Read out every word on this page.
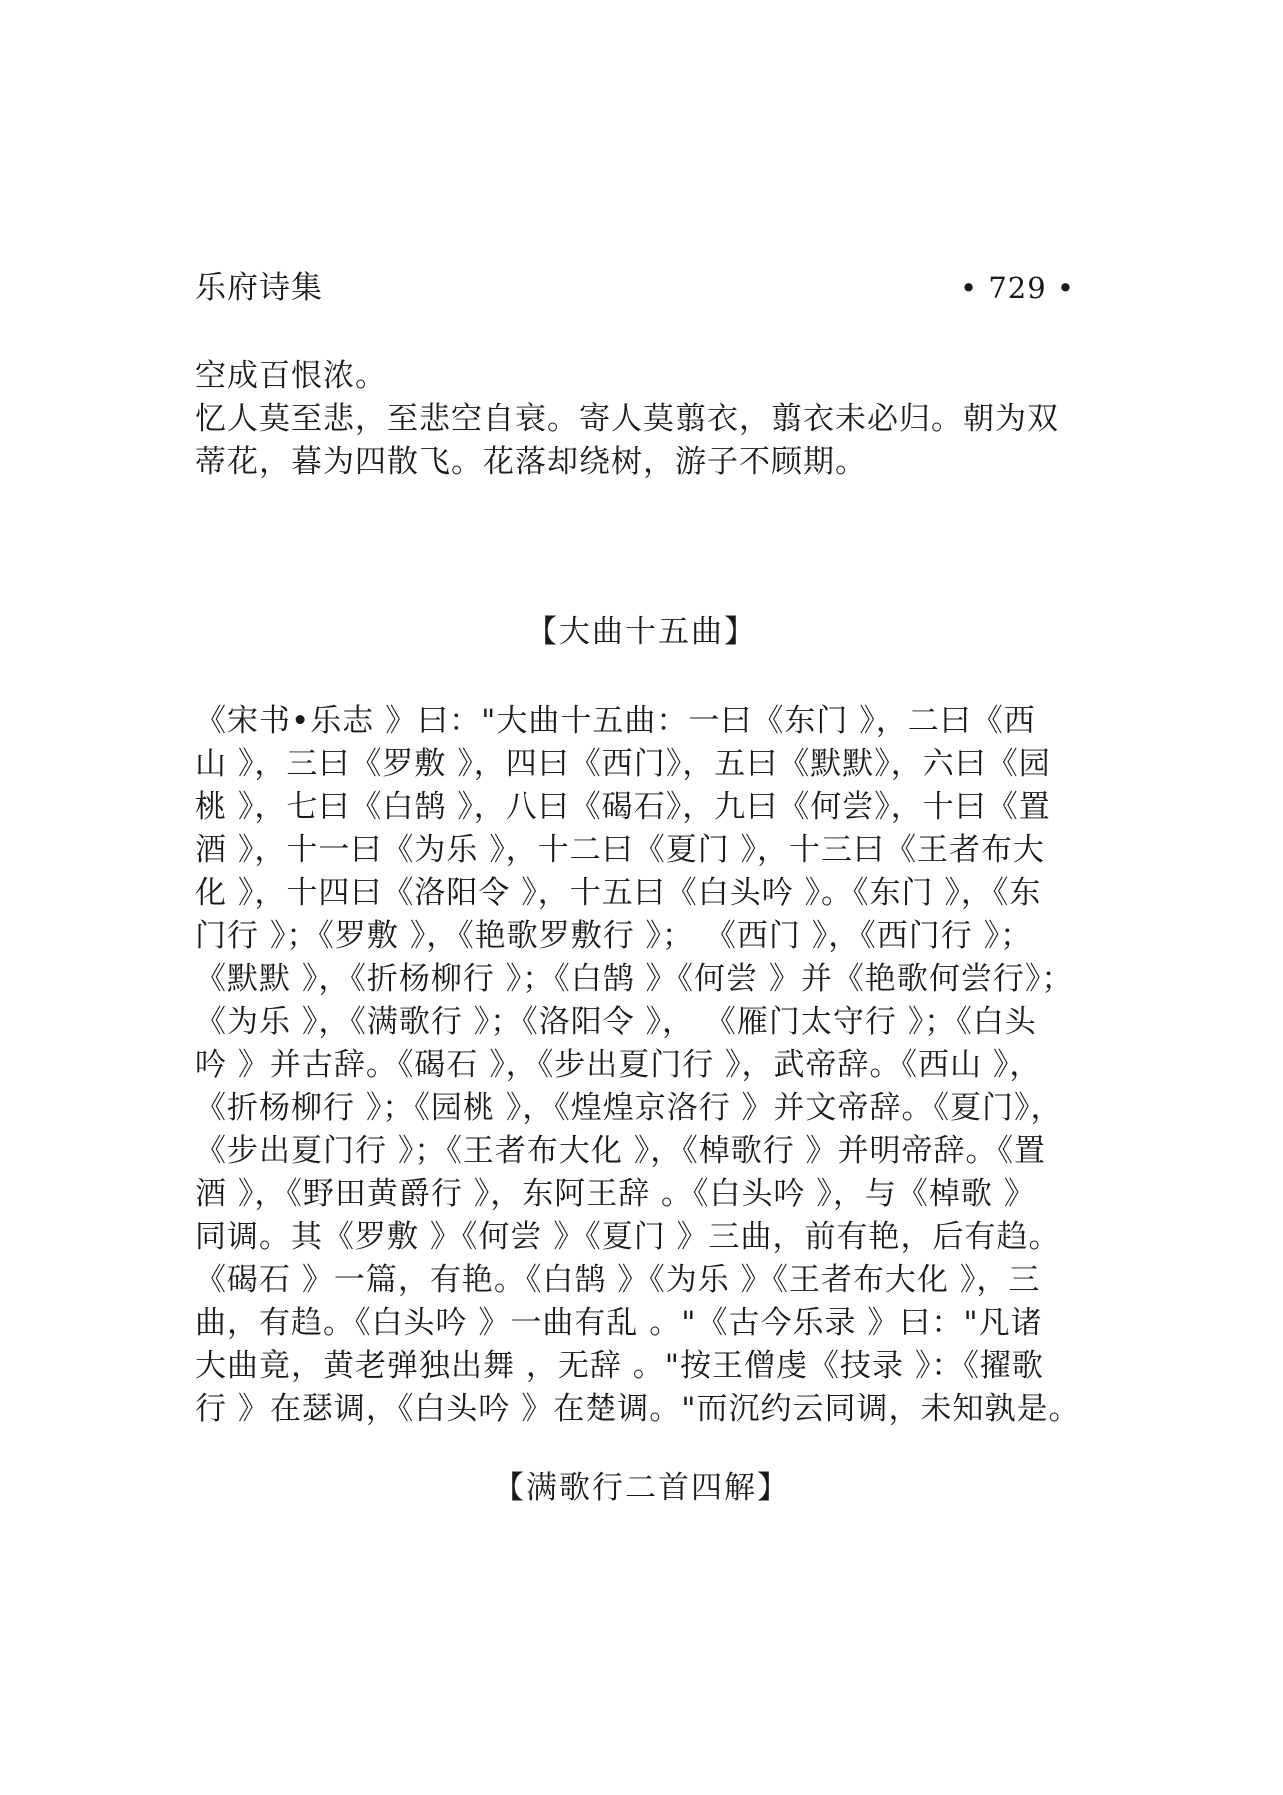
乐府诗集	• 729 •
空成百恨浓。
忆人莫至悲，至悲空自衰。寄人莫翦衣，翦衣未必归。朝为双
蒂花，暮为四散飞。花落却绕树，游子不顾期。
【大曲十五曲】
《宋书•乐志 》曰："大曲十五曲：一曰《东门 》，二曰《西
山 》，三曰《罗敷 》，四曰《西门》，五曰《默默》，六曰《园
桃 》，七曰《白鹄 》，八曰《碣石》，九曰《何尝》，十曰《置
酒 》，十一曰《为乐 》，十二曰《夏门 》，十三曰《王者布大
化 》，十四曰《洛阳令 》，十五曰《白头吟 》。《东门 》，《东
门行 》；《罗敷 》，《艳歌罗敷行 》； 《西门 》，《西门行 》；
《默默 》，《折杨柳行 》；《白鹄 》《何尝 》并《艳歌何尝行》；
《为乐 》，《满歌行 》；《洛阳令 》， 《雁门太守行 》；《白头
吟 》并古辞。《碣石 》，《步出夏门行 》，武帝辞。《西山 》，
《折杨柳行 》；《园桃 》，《煌煌京洛行 》并文帝辞。《夏门》，
《步出夏门行 》；《王者布大化 》，《棹歌行 》并明帝辞。《置
酒 》，《野田黄爵行 》，东阿王辞 。《白头吟 》，与《棹歌 》
同调。其《罗敷 》《何尝 》《夏门 》三曲，前有艳，后有趋。
《碣石 》一篇，有艳。《白鹄 》《为乐 》《王者布大化 》，三
曲，有趋。《白头吟 》一曲有乱 。"《古今乐录 》曰："凡诸
大曲竟，黄老弹独出舞 ，无辞 。"按王僧虔《技录 》：《擢歌
行 》在瑟调，《白头吟 》在楚调。"而沉约云同调，未知孰是。
【满歌行二首四解】
